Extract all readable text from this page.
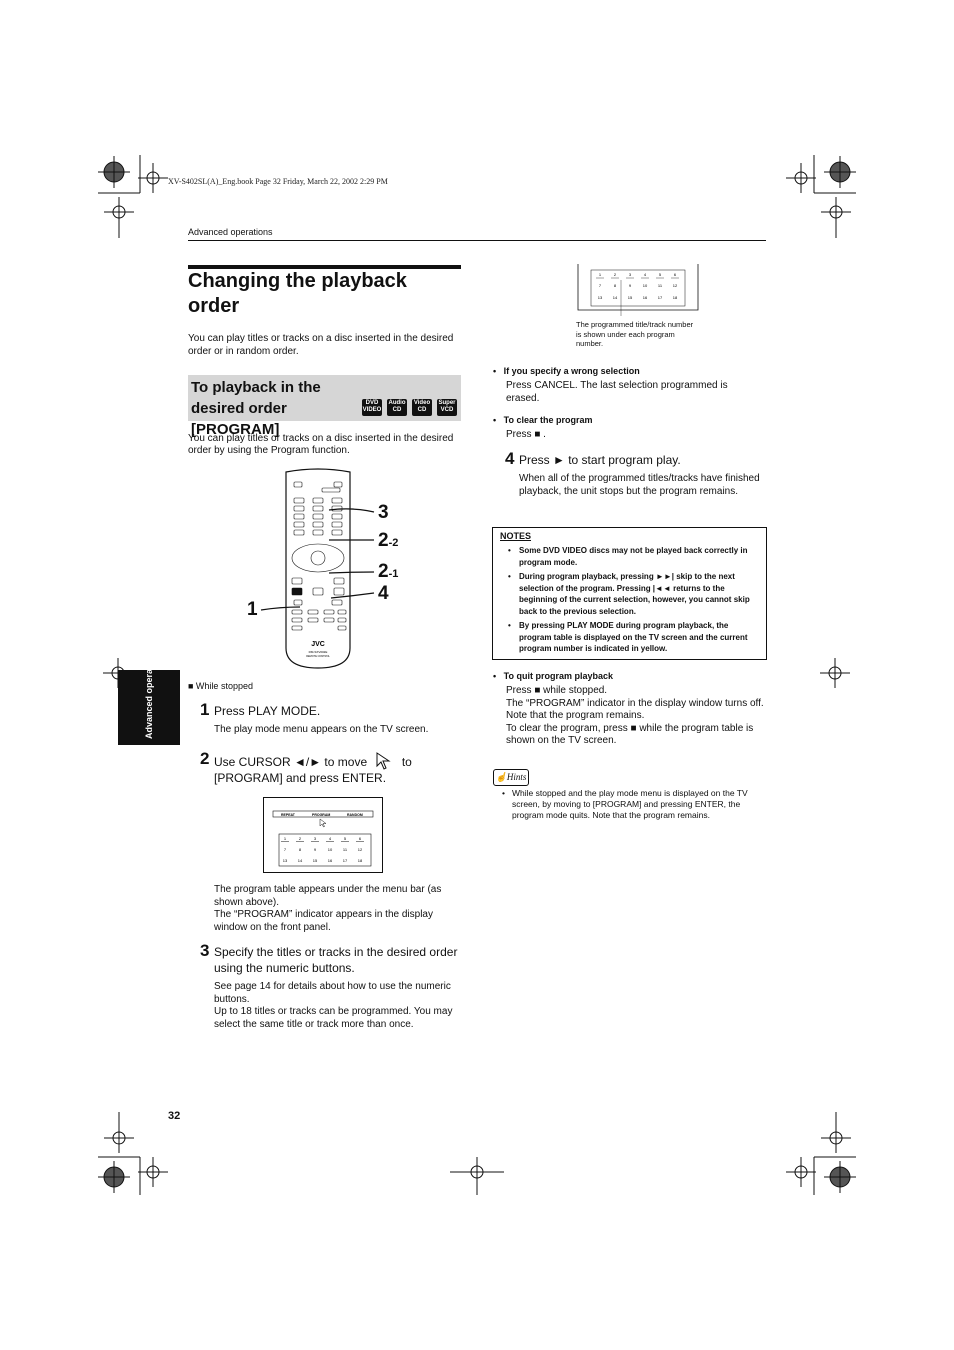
XV-S402SL(A)_Eng.book Page 32 Friday, March 22, 2002 2:29 PM
Advanced operations
Changing the playback
order
You can play titles or tracks on a disc inserted in the desired order or in random order.
To playback in the desired order
[PROGRAM]
DVD
VIDEO
Audio
CD
Video
CD
Super
VCD
You can play titles or tracks on a disc inserted in the desired order by using the Program function.
JVC
RM-SXV002E
REMOTE CONTROL
3
2-2
2-1
4
1
Advanced operations	■ While stopped
1 Press PLAY MODE.
The play mode menu appears on the TV screen.
2 Use CURSOR ◄/► to move	to
[PROGRAM] and press ENTER.
REPEAT	PROGRAM	RANDOM
1	2	3	4	5	6
7	8	9	10	11	12
13	14	15	16	17	18
The program table appears under the menu bar (as shown above).
The “PROGRAM” indicator appears in the display window on the front panel.
3 Specify the titles or tracks in the desired order using the numeric buttons.
See page 14 for details about how to use the numeric buttons.
Up to 18 titles or tracks can be programmed. You may select the same title or track more than once.
1	2	3	4	5	6
7	8	9	10	11	12
13	14	15	16	17	18
The programmed title/track number is shown under each program number.
•   If you specify a wrong selection
Press CANCEL. The last selection programmed is erased.
•   To clear the program
Press ■ .
4 Press ► to start program play.
When all of the programmed titles/tracks have finished playback, the unit stops but the program remains.
NOTES
•	Some DVD VIDEO discs may not be played back correctly in program mode.
•	During program playback, pressing ►►| skip to the next selection of the program. Pressing |◄◄ returns to the beginning of the current selection, however, you cannot skip back to the previous selection.
•	By pressing PLAY MODE during program playback, the program table is displayed on the TV screen and the current program number is indicated in yellow.
•   To quit program playback
Press ■ while stopped.
The “PROGRAM” indicator in the display window turns off.
Note that the program remains.
To clear the program, press ■ while the program table is shown on the TV screen.
☝Hints
• While stopped and the play mode menu is displayed on the TV screen, by moving to [PROGRAM] and pressing ENTER, the program mode quits. Note that the program remains.
32
